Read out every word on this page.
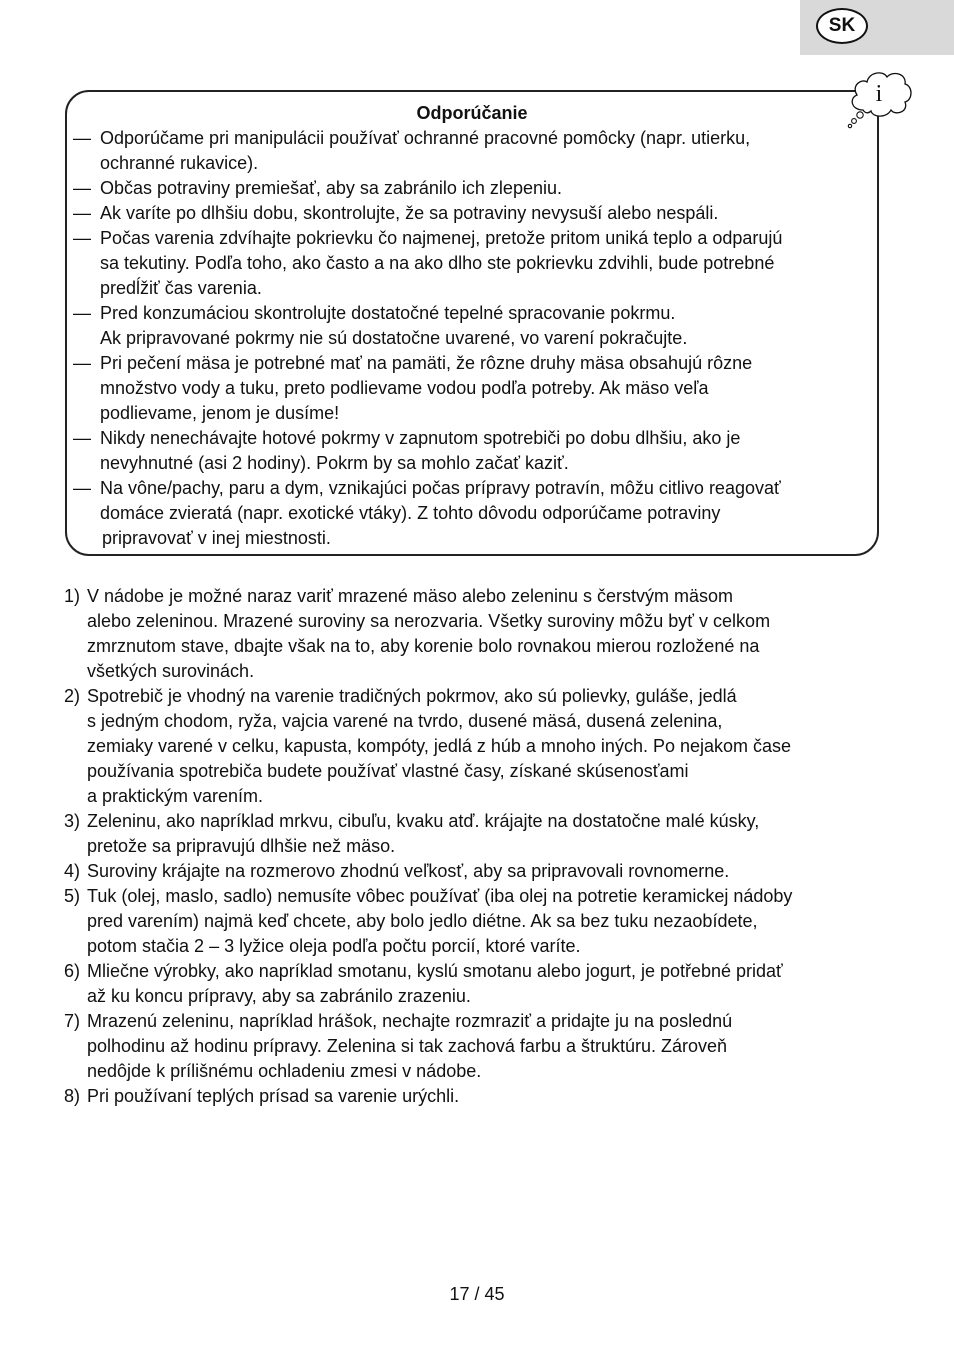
SK
Odporúčanie
— Odporúčame pri manipulácii používať ochranné pracovné pomôcky (napr. utierku,
ochranné rukavice).
— Občas potraviny premiešať, aby sa zabránilo ich zlepeniu.
— Ak varíte po dlhšiu dobu, skontrolujte, že sa potraviny nevysuší alebo nespáli.
— Počas varenia zdvíhajte pokrievku čo najmenej, pretože pritom uniká teplo a odparujú
sa tekutiny. Podľa toho, ako často a na ako dlho ste pokrievku zdvihli, bude potrebné
predĺžiť čas varenia.
— Pred konzumáciou skontrolujte dostatočné tepelné spracovanie pokrmu.
Ak pripravované pokrmy nie sú dostatočne uvarené, vo varení pokračujte.
— Pri pečení mäsa je potrebné mať na pamäti, že rôzne druhy mäsa obsahujú rôzne
množstvo vody a tuku, preto podlievame vodou podľa potreby. Ak mäso veľa
podlievame, jenom je dusíme!
— Nikdy nenechávajte hotové pokrmy v zapnutom spotrebiči po dobu dlhšiu, ako je
nevyhnutné (asi 2 hodiny). Pokrm by sa mohlo začať kaziť.
— Na vône/pachy, paru a dym, vznikajúci počas prípravy potravín, môžu citlivo reagovať
domáce zvieratá (napr. exotické vtáky). Z tohto dôvodu odporúčame potraviny
pripravovať v inej miestnosti.
i
1) V nádobe je možné naraz variť mrazené mäso alebo zeleninu s čerstvým mäsom
alebo zeleninou. Mrazené suroviny sa nerozvaria. Všetky suroviny môžu byť v celkom
zmrznutom stave, dbajte však na to, aby korenie bolo rovnakou mierou rozložené na
všetkých surovinách.
2) Spotrebič je vhodný na varenie tradičných pokrmov, ako sú polievky, guláše, jedlá
s jedným chodom, ryža, vajcia varené na tvrdo, dusené mäsá, dusená zelenina,
zemiaky varené v celku, kapusta, kompóty, jedlá z húb a mnoho iných. Po nejakom čase
používania spotrebiča budete používať vlastné časy, získané skúsenosťami
a praktickým varením.
3) Zeleninu, ako napríklad mrkvu, cibuľu, kvaku atď. krájajte na dostatočne malé kúsky,
pretože sa pripravujú dlhšie než mäso.
4) Suroviny krájajte na rozmerovo zhodnú veľkosť, aby sa pripravovali rovnomerne.
5) Tuk (olej, maslo, sadlo) nemusíte vôbec používať (iba olej na potretie keramickej nádoby
pred varením) najmä keď chcete, aby bolo jedlo diétne. Ak sa bez tuku nezaobídete,
potom stačia 2 – 3 lyžice oleja podľa počtu porcií, ktoré varíte.
6) Mliečne výrobky, ako napríklad smotanu, kyslú smotanu alebo jogurt, je potřebné pridať
až ku koncu prípravy, aby sa zabránilo zrazeniu.
7) Mrazenú zeleninu, napríklad hrášok, nechajte rozmraziť a pridajte ju na poslednú
polhodinu až hodinu prípravy. Zelenina si tak zachová farbu a štruktúru. Zároveň
nedôjde k prílišnému ochladeniu zmesi v nádobe.
8) Pri používaní teplých prísad sa varenie urýchli.
17 / 45
